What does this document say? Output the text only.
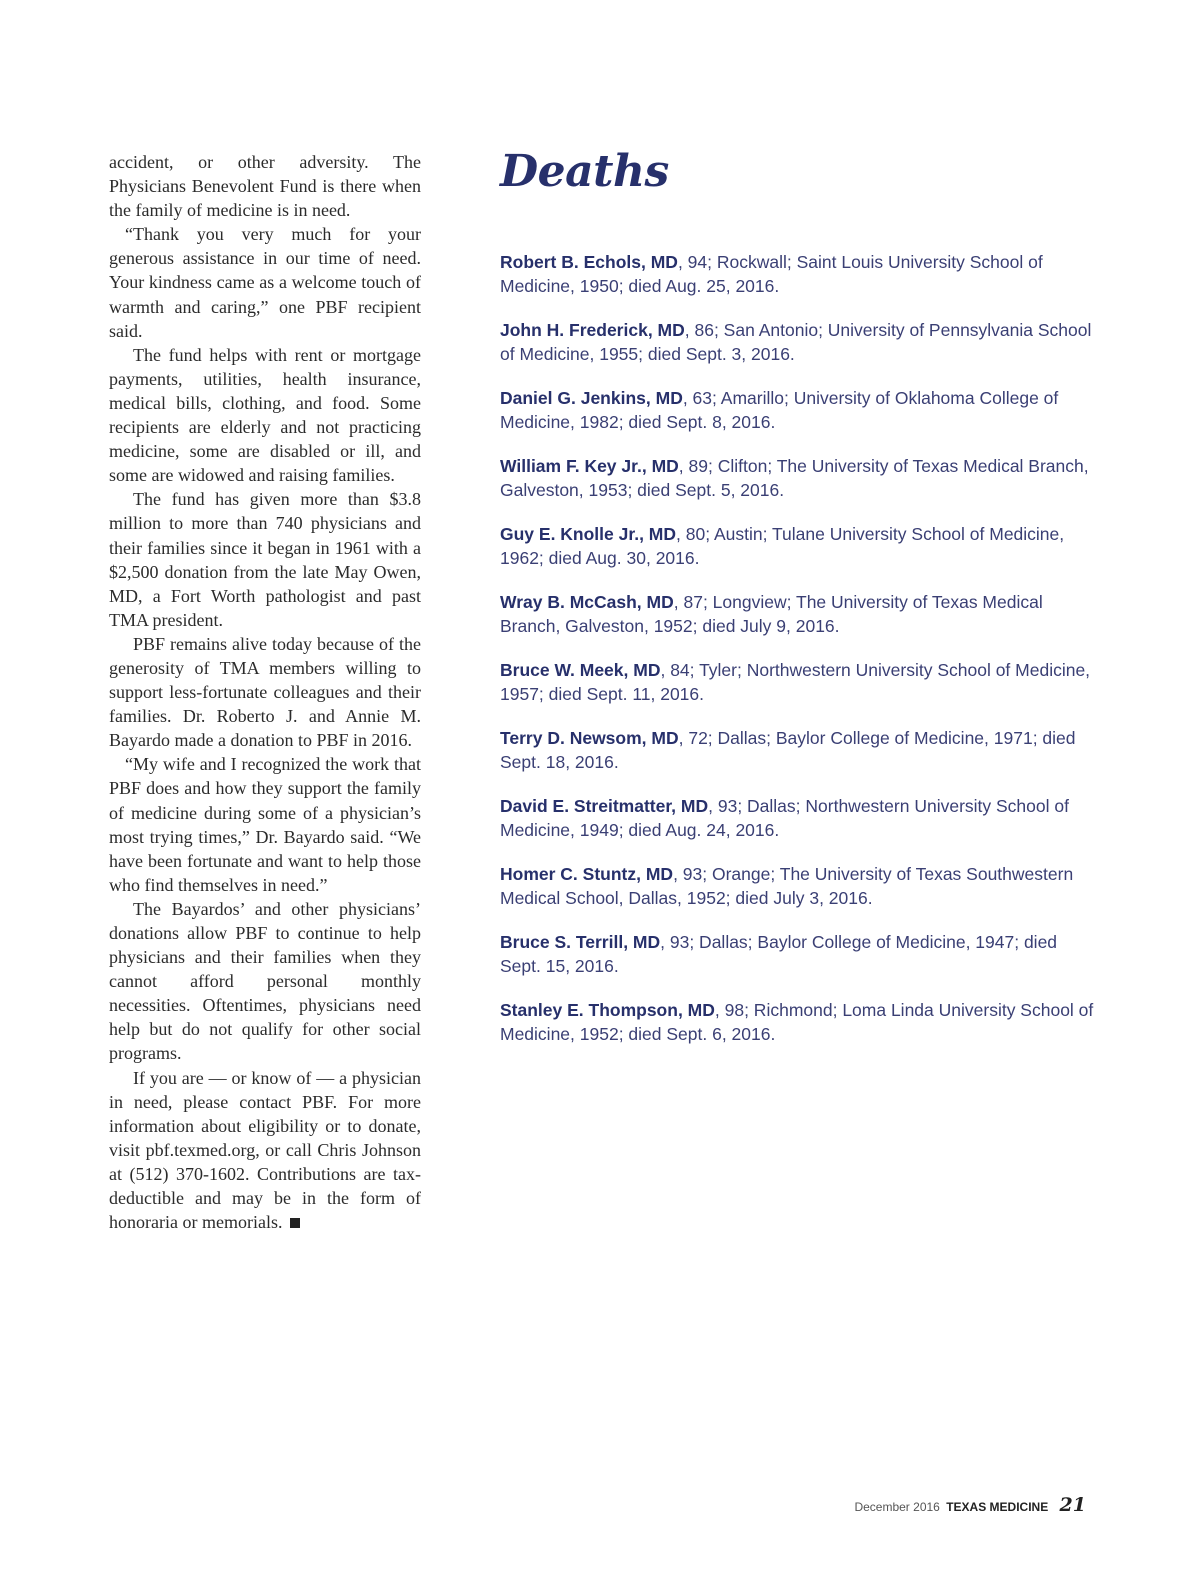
accident, or other adversity. The Physicians Benevolent Fund is there when the family of medicine is in need.

“Thank you very much for your generous assistance in our time of need. Your kindness came as a welcome touch of warmth and caring,” one PBF recipient said.

The fund helps with rent or mortgage payments, utilities, health insurance, medical bills, clothing, and food. Some recipients are elderly and not practicing medicine, some are disabled or ill, and some are widowed and raising families.

The fund has given more than $3.8 million to more than 740 physicians and their families since it began in 1961 with a $2,500 donation from the late May Owen, MD, a Fort Worth pathologist and past TMA president.

PBF remains alive today because of the generosity of TMA members willing to support less-fortunate colleagues and their families. Dr. Roberto J. and Annie M. Bayardo made a donation to PBF in 2016.

“My wife and I recognized the work that PBF does and how they support the family of medicine during some of a physician’s most trying times,” Dr. Bayardo said. “We have been fortunate and want to help those who find themselves in need.”

The Bayardos’ and other physicians’ donations allow PBF to continue to help physicians and their families when they cannot afford personal monthly necessities. Oftentimes, physicians need help but do not qualify for other social programs.

If you are — or know of — a physician in need, please contact PBF. For more information about eligibility or to donate, visit pbf.texmed.org, or call Chris Johnson at (512) 370-1602. Contributions are tax-deductible and may be in the form of honoraria or memorials.

Deaths

Robert B. Echols, MD, 94; Rockwall; Saint Louis University School of Medicine, 1950; died Aug. 25, 2016.

John H. Frederick, MD, 86; San Antonio; University of Pennsylvania School of Medicine, 1955; died Sept. 3, 2016.

Daniel G. Jenkins, MD, 63; Amarillo; University of Oklahoma College of Medicine, 1982; died Sept. 8, 2016.

William F. Key Jr., MD, 89; Clifton; The University of Texas Medical Branch, Galveston, 1953; died Sept. 5, 2016.

Guy E. Knolle Jr., MD, 80; Austin; Tulane University School of Medicine, 1962; died Aug. 30, 2016.

Wray B. McCash, MD, 87; Longview; The University of Texas Medical Branch, Galveston, 1952; died July 9, 2016.

Bruce W. Meek, MD, 84; Tyler; Northwestern University School of Medicine, 1957; died Sept. 11, 2016.

Terry D. Newsom, MD, 72; Dallas; Baylor College of Medicine, 1971; died Sept. 18, 2016.

David E. Streitmatter, MD, 93; Dallas; Northwestern University School of Medicine, 1949; died Aug. 24, 2016.

Homer C. Stuntz, MD, 93; Orange; The University of Texas Southwestern Medical School, Dallas, 1952; died July 3, 2016.

Bruce S. Terrill, MD, 93; Dallas; Baylor College of Medicine, 1947; died Sept. 15, 2016.

Stanley E. Thompson, MD, 98; Richmond; Loma Linda University School of Medicine, 1952; died Sept. 6, 2016.

December 2016 TEXAS MEDICINE 21
